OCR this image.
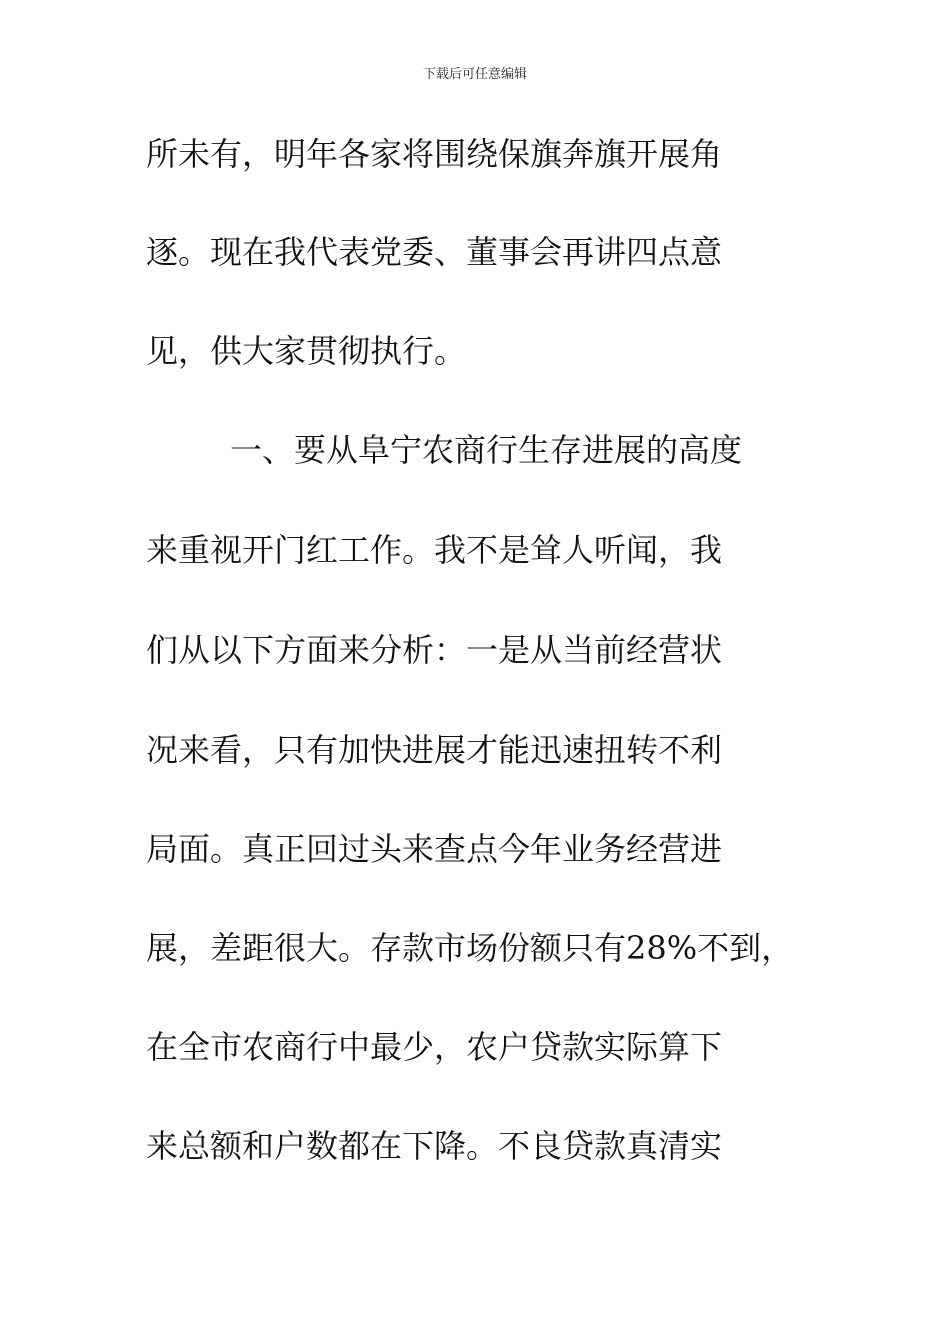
下载后可任意编辑
所未有，明年各家将围绕保旗奔旗开展角
逐。现在我代表党委、董事会再讲四点意
见，供大家贯彻执行。
一、要从阜宁农商行生存进展的高度
来重视开门红工作。我不是耸人听闻，我
们从以下方面来分析：一是从当前经营状
况来看，只有加快进展才能迅速扭转不利
局面。真正回过头来查点今年业务经营进
展，差距很大。存款市场份额只有28%不到，
在全市农商行中最少，农户贷款实际算下
来总额和户数都在下降。不良贷款真清实
